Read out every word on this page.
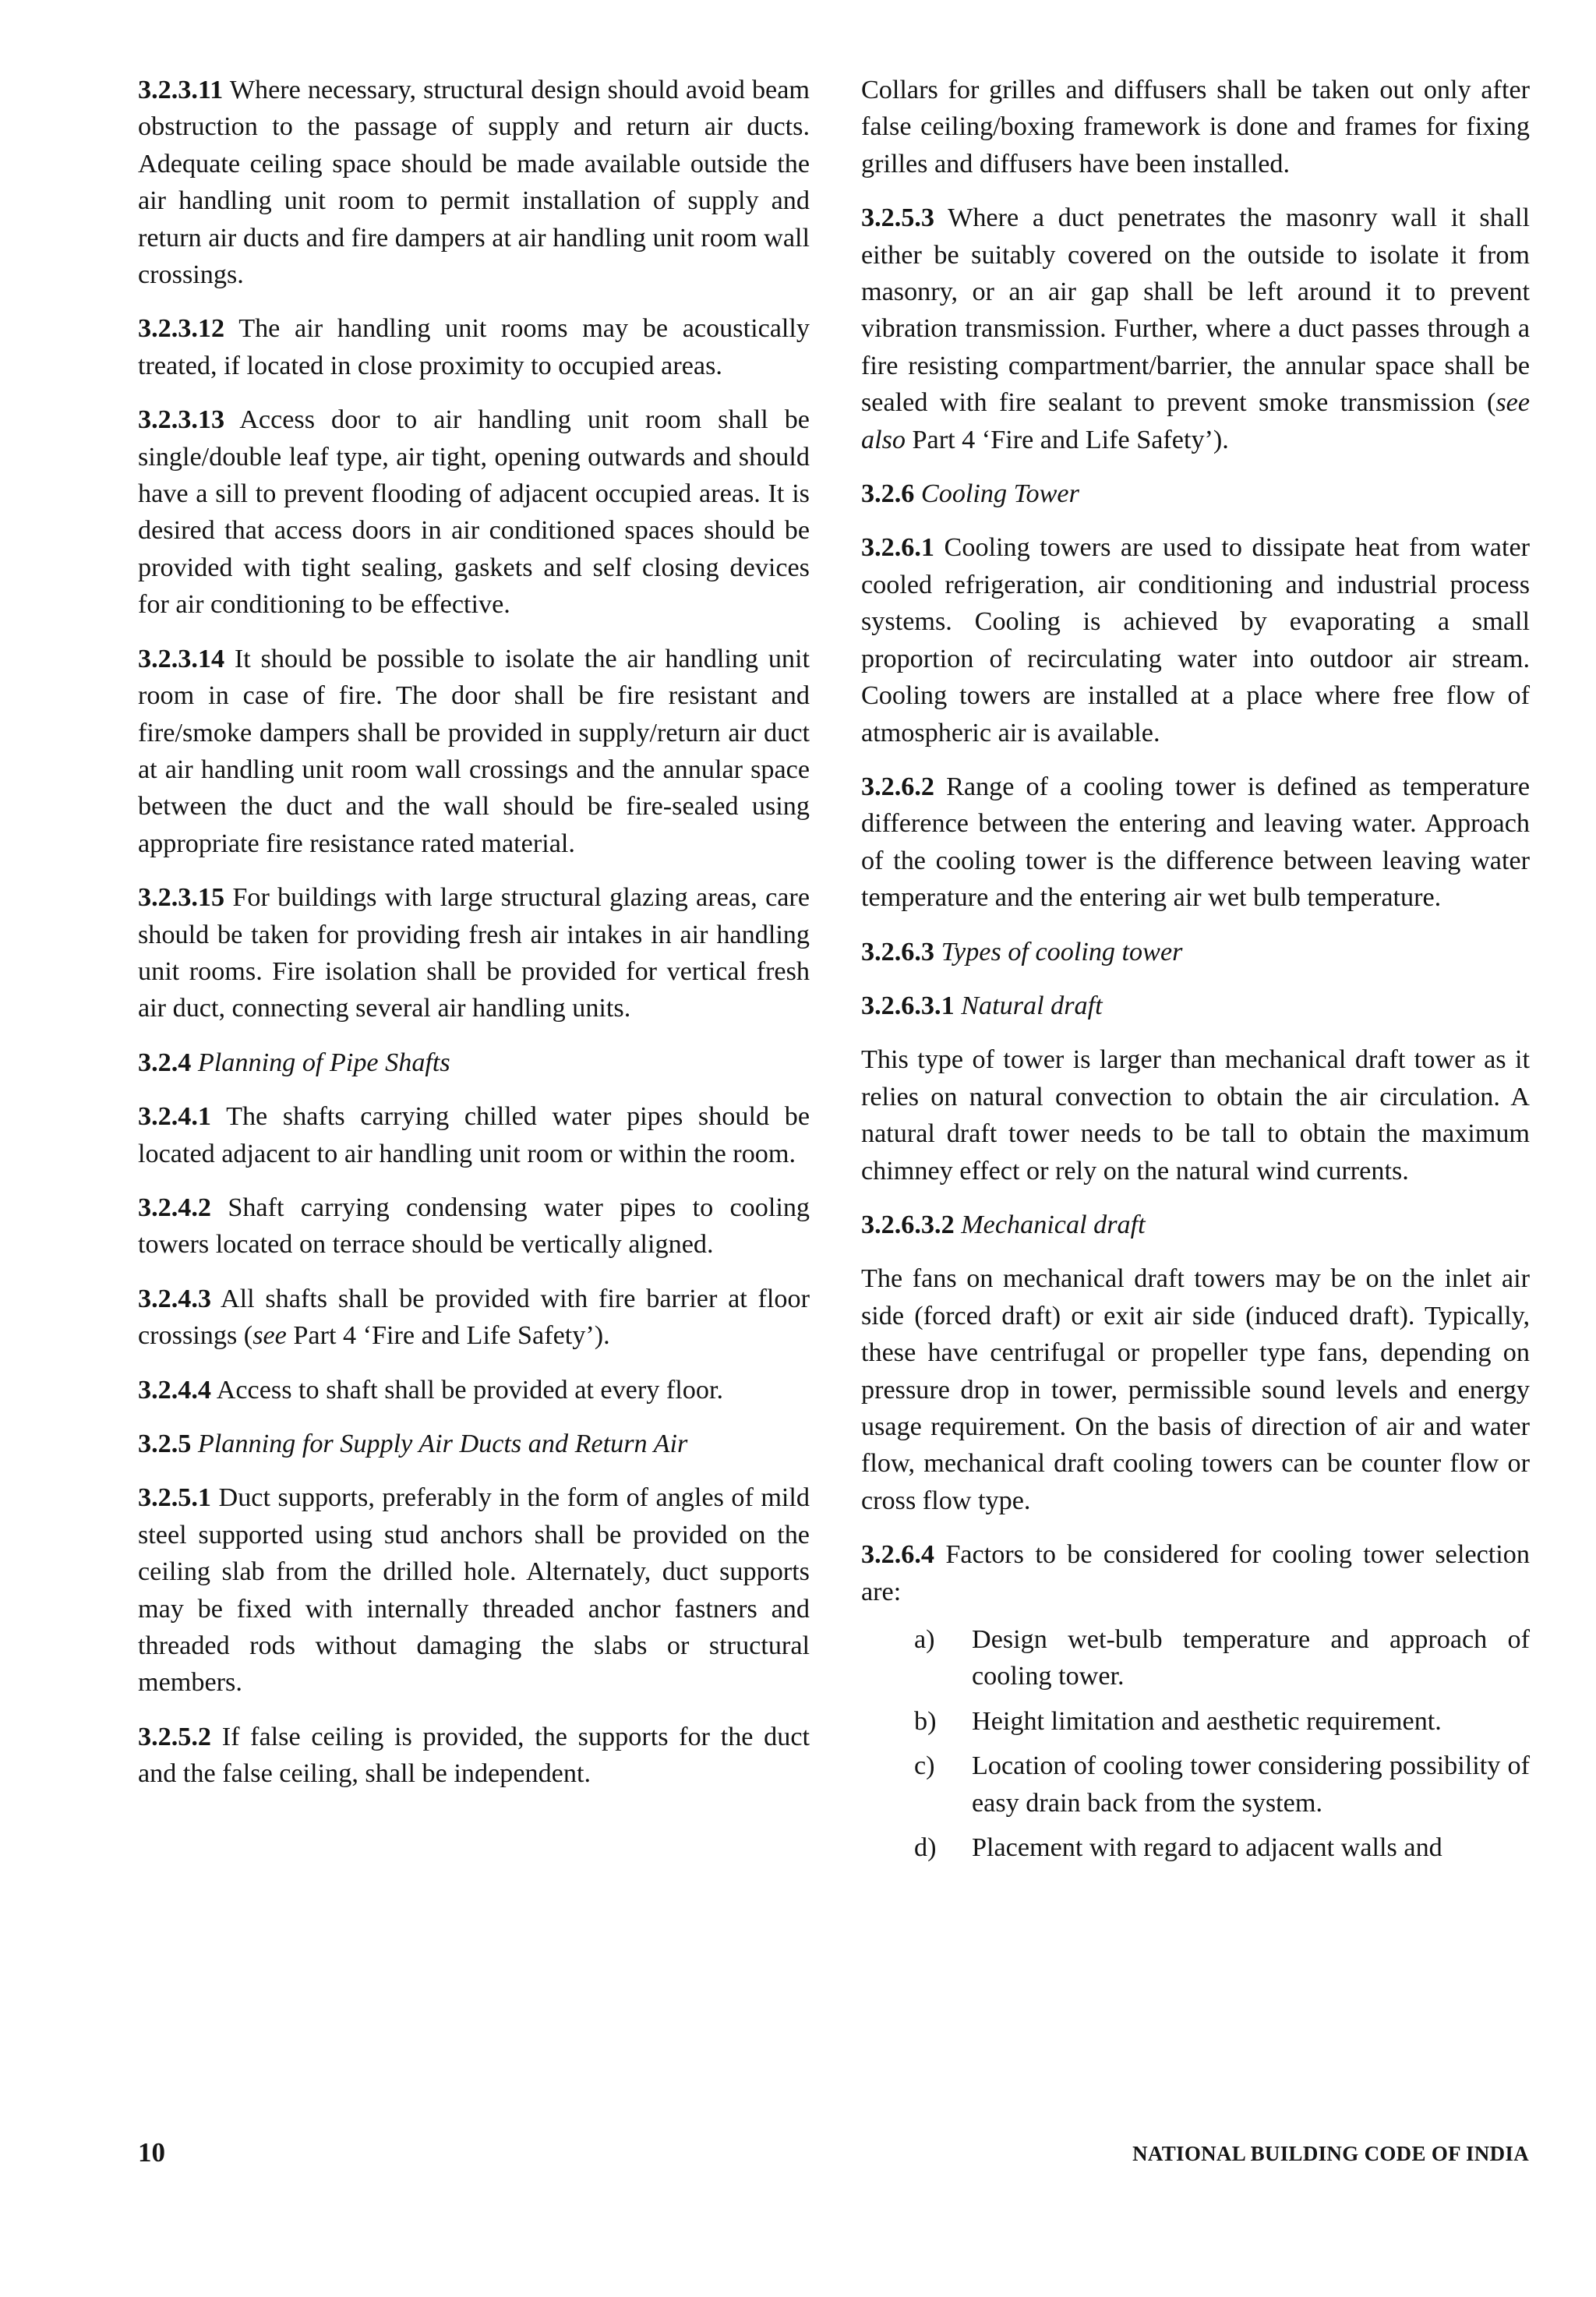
3.2.3.11 Where necessary, structural design should avoid beam obstruction to the passage of supply and return air ducts. Adequate ceiling space should be made available outside the air handling unit room to permit installation of supply and return air ducts and fire dampers at air handling unit room wall crossings.

3.2.3.12 The air handling unit rooms may be acoustically treated, if located in close proximity to occupied areas.

3.2.3.13 Access door to air handling unit room shall be single/double leaf type, air tight, opening outwards and should have a sill to prevent flooding of adjacent occupied areas. It is desired that access doors in air conditioned spaces should be provided with tight sealing, gaskets and self closing devices for air conditioning to be effective.

3.2.3.14 It should be possible to isolate the air handling unit room in case of fire. The door shall be fire resistant and fire/smoke dampers shall be provided in supply/return air duct at air handling unit room wall crossings and the annular space between the duct and the wall should be fire-sealed using appropriate fire resistance rated material.

3.2.3.15 For buildings with large structural glazing areas, care should be taken for providing fresh air intakes in air handling unit rooms. Fire isolation shall be provided for vertical fresh air duct, connecting several air handling units.

3.2.4 Planning of Pipe Shafts

3.2.4.1 The shafts carrying chilled water pipes should be located adjacent to air handling unit room or within the room.

3.2.4.2 Shaft carrying condensing water pipes to cooling towers located on terrace should be vertically aligned.

3.2.4.3 All shafts shall be provided with fire barrier at floor crossings (see Part 4 ‘Fire and Life Safety’).

3.2.4.4 Access to shaft shall be provided at every floor.

3.2.5 Planning for Supply Air Ducts and Return Air

3.2.5.1 Duct supports, preferably in the form of angles of mild steel supported using stud anchors shall be provided on the ceiling slab from the drilled hole. Alternately, duct supports may be fixed with internally threaded anchor fastners and threaded rods without damaging the slabs or structural members.

3.2.5.2 If false ceiling is provided, the supports for the duct and the false ceiling, shall be independent.

Collars for grilles and diffusers shall be taken out only after false ceiling/boxing framework is done and frames for fixing grilles and diffusers have been installed.

3.2.5.3 Where a duct penetrates the masonry wall it shall either be suitably covered on the outside to isolate it from masonry, or an air gap shall be left around it to prevent vibration transmission. Further, where a duct passes through a fire resisting compartment/barrier, the annular space shall be sealed with fire sealant to prevent smoke transmission (see also Part 4 ‘Fire and Life Safety’).

3.2.6 Cooling Tower

3.2.6.1 Cooling towers are used to dissipate heat from water cooled refrigeration, air conditioning and industrial process systems. Cooling is achieved by evaporating a small proportion of recirculating water into outdoor air stream. Cooling towers are installed at a place where free flow of atmospheric air is available.

3.2.6.2 Range of a cooling tower is defined as temperature difference between the entering and leaving water. Approach of the cooling tower is the difference between leaving water temperature and the entering air wet bulb temperature.

3.2.6.3 Types of cooling tower

3.2.6.3.1 Natural draft

This type of tower is larger than mechanical draft tower as it relies on natural convection to obtain the air circulation. A natural draft tower needs to be tall to obtain the maximum chimney effect or rely on the natural wind currents.

3.2.6.3.2 Mechanical draft

The fans on mechanical draft towers may be on the inlet air side (forced draft) or exit air side (induced draft). Typically, these have centrifugal or propeller type fans, depending on pressure drop in tower, permissible sound levels and energy usage requirement. On the basis of direction of air and water flow, mechanical draft cooling towers can be counter flow or cross flow type.

3.2.6.4 Factors to be considered for cooling tower selection are:

a) Design wet-bulb temperature and approach of cooling tower.
b) Height limitation and aesthetic requirement.
c) Location of cooling tower considering possibility of easy drain back from the system.
d) Placement with regard to adjacent walls and
10	NATIONAL BUILDING CODE OF INDIA
